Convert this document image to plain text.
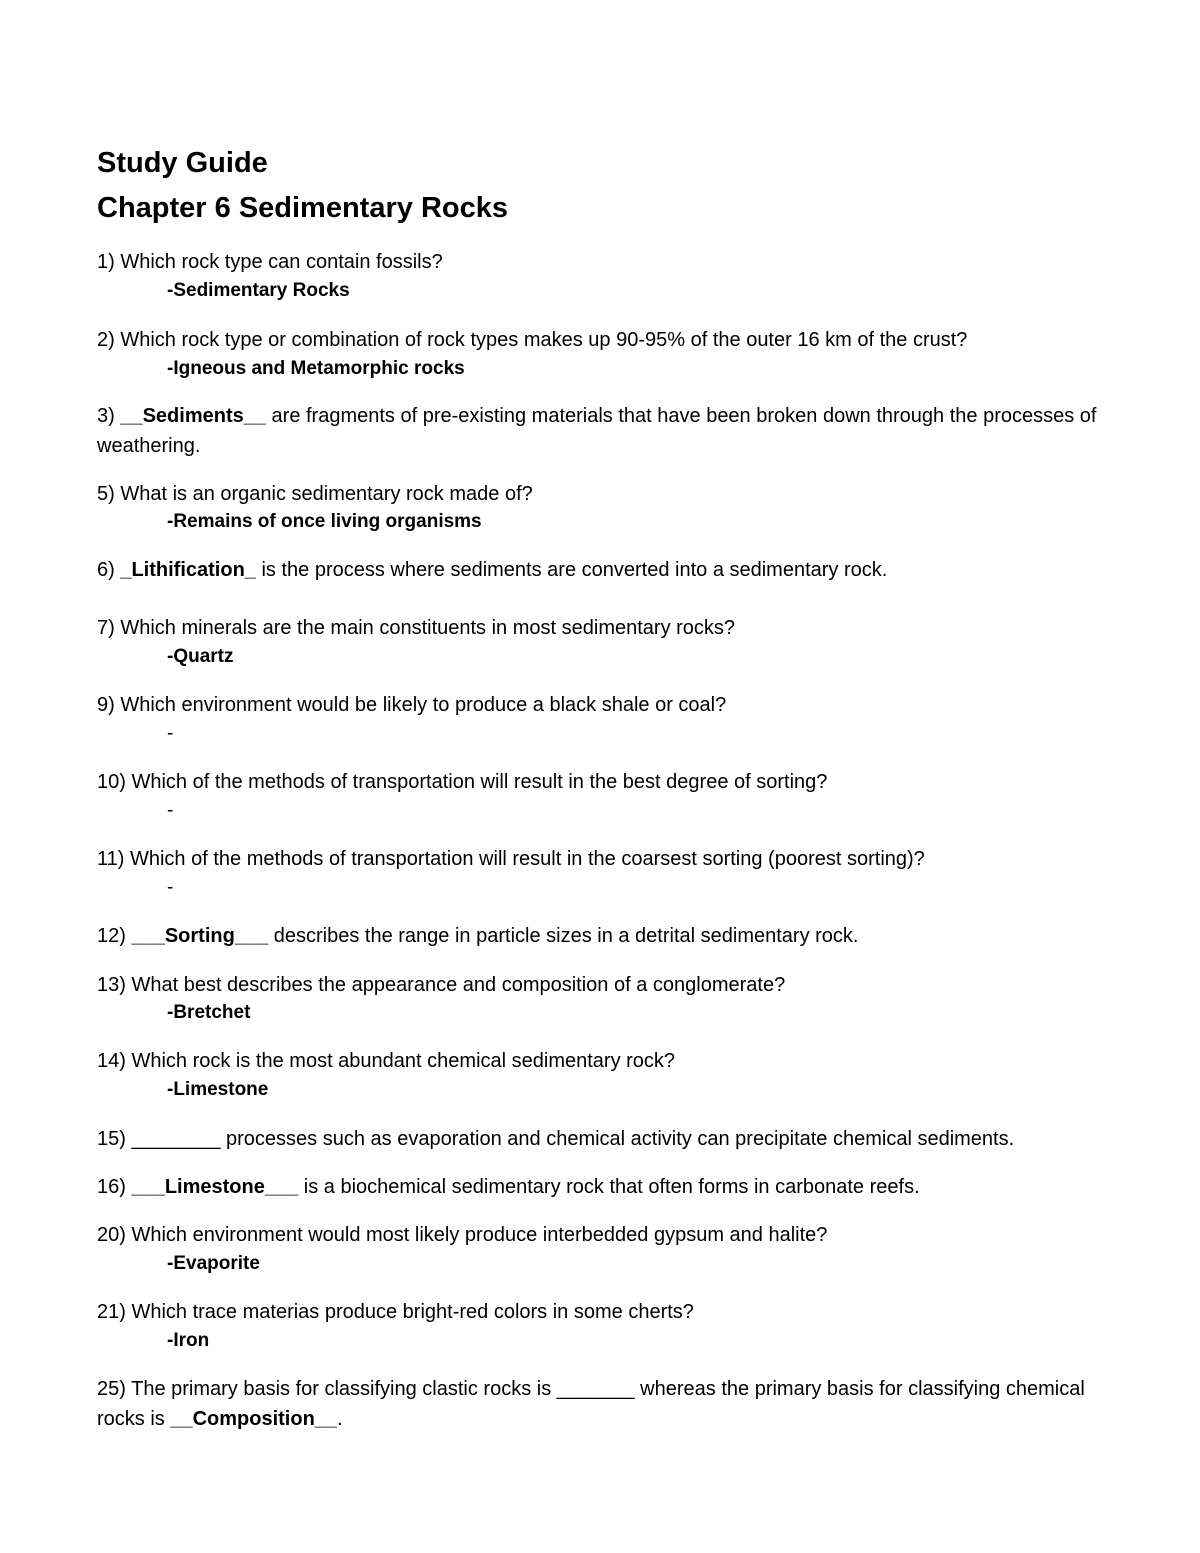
Study Guide
Chapter 6 Sedimentary Rocks
1) Which rock type can contain fossils?
-Sedimentary Rocks
2) Which rock type or combination of rock types makes up 90-95% of the outer 16 km of the crust?
-Igneous and Metamorphic rocks
3) __Sediments__ are fragments of pre-existing materials that have been broken down through the processes of weathering.
5) What is an organic sedimentary rock made of?
-Remains of once living organisms
6) _Lithification_ is the process where sediments are converted into a sedimentary rock.
7) Which minerals are the main constituents in most sedimentary rocks?
-Quartz
9) Which environment would be likely to produce a black shale or coal?
-
10) Which of the methods of transportation will result in the best degree of sorting?
-
11) Which of the methods of transportation will result in the coarsest sorting (poorest sorting)?
-
12) ___Sorting___ describes the range in particle sizes in a detrital sedimentary rock.
13) What best describes the appearance and composition of a conglomerate?
-Bretchet
14) Which rock is the most abundant chemical sedimentary rock?
-Limestone
15) ________ processes such as evaporation and chemical activity can precipitate chemical sediments.
16) ___Limestone___ is a biochemical sedimentary rock that often forms in carbonate reefs.
20) Which environment would most likely produce interbedded gypsum and halite?
-Evaporite
21) Which trace materias produce bright-red colors in some cherts?
-Iron
25) The primary basis for classifying clastic rocks is _______ whereas the primary basis for classifying chemical rocks is __Composition__.
